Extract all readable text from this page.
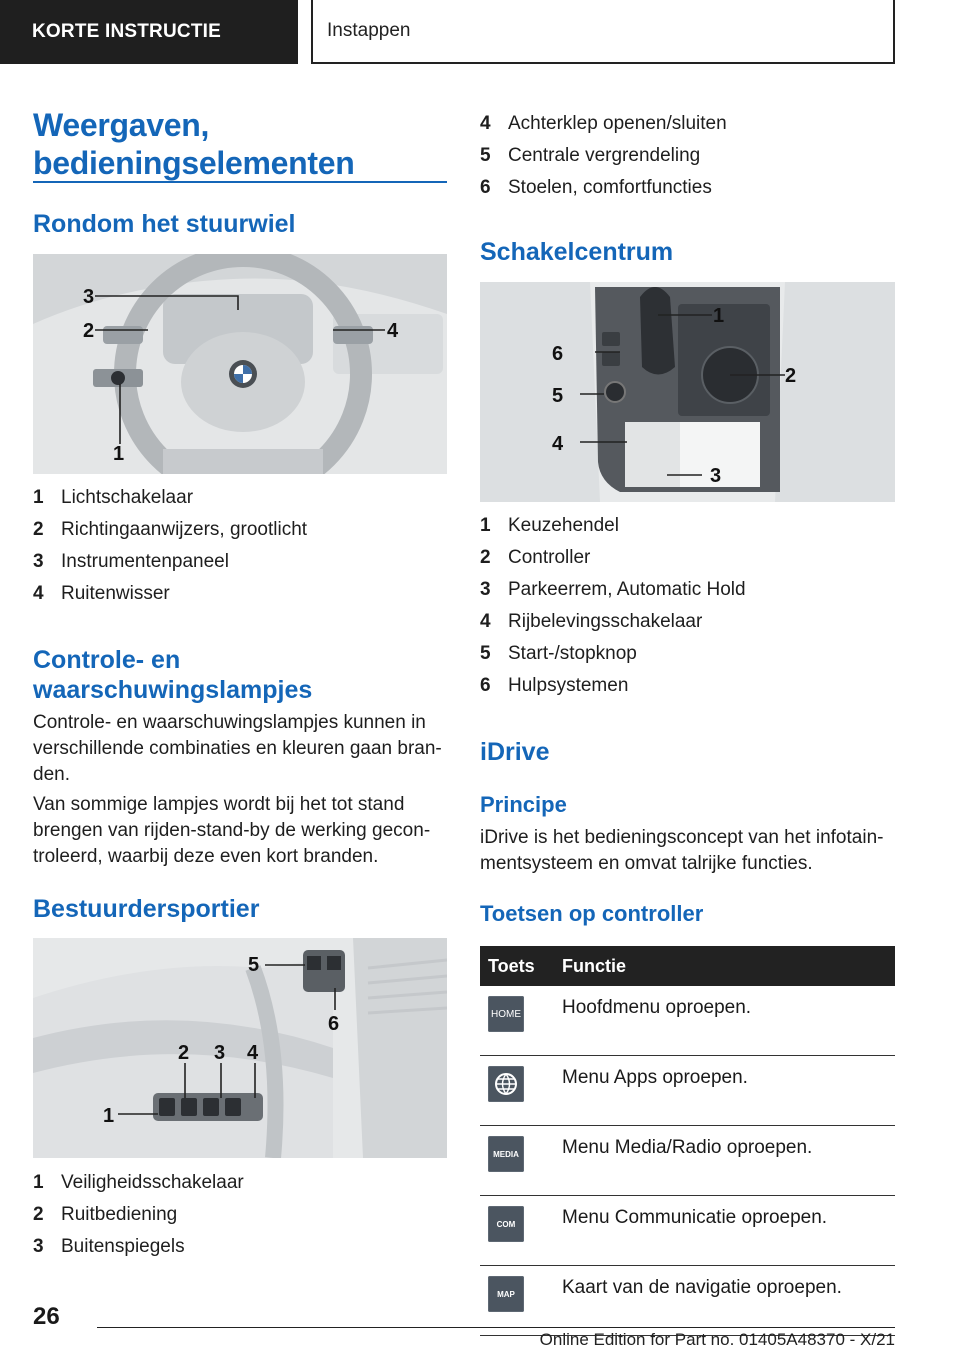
KORTE INSTRUCTIE	Instappen
Weergaven,
bedieningselementen
Rondom het stuurwiel
3
2	4
1
1 Lichtschakelaar
2 Richtingaanwijzers, grootlicht
3 Instrumentenpaneel
4 Ruitenwisser
Controle- en
waarschuwingslampjes

Controle- en waarschuwingslampjes kunnen in verschillende combinaties en kleuren gaan branden.

Van sommige lampjes wordt bij het tot stand brengen van rijden-stand-by de werking gecontroleerd, waarbij deze even kort branden.

Bestuurdersportier
5
6
2 3 4
1
1 Veiligheidsschakelaar
2 Ruitbediening
3 Buitenspiegels
4 Achterklep openen/sluiten
5 Centrale vergrendeling
6 Stoelen, comfortfuncties
Schakelcentrum
1
2
3
4
5
6
1 Keuzehendel
2 Controller
3 Parkeerrem, Automatic Hold
4 Rijbelevingsschakelaar
5 Start-/stopknop
6 Hulpsystemen
iDrive
Principe

iDrive is het bedieningsconcept van het infotainmentsysteem en omvat talrijke functies.

Toetsen op controller
Toets	Functie

HOME	Hoofdmenu oproepen.

	Menu Apps oproepen.

MEDIA	Menu Media/Radio oproepen.

COM	Menu Communicatie oproepen.

MAP	Kaart van de navigatie oproepen.
26
Online Edition for Part no. 01405A48370 - X/21
